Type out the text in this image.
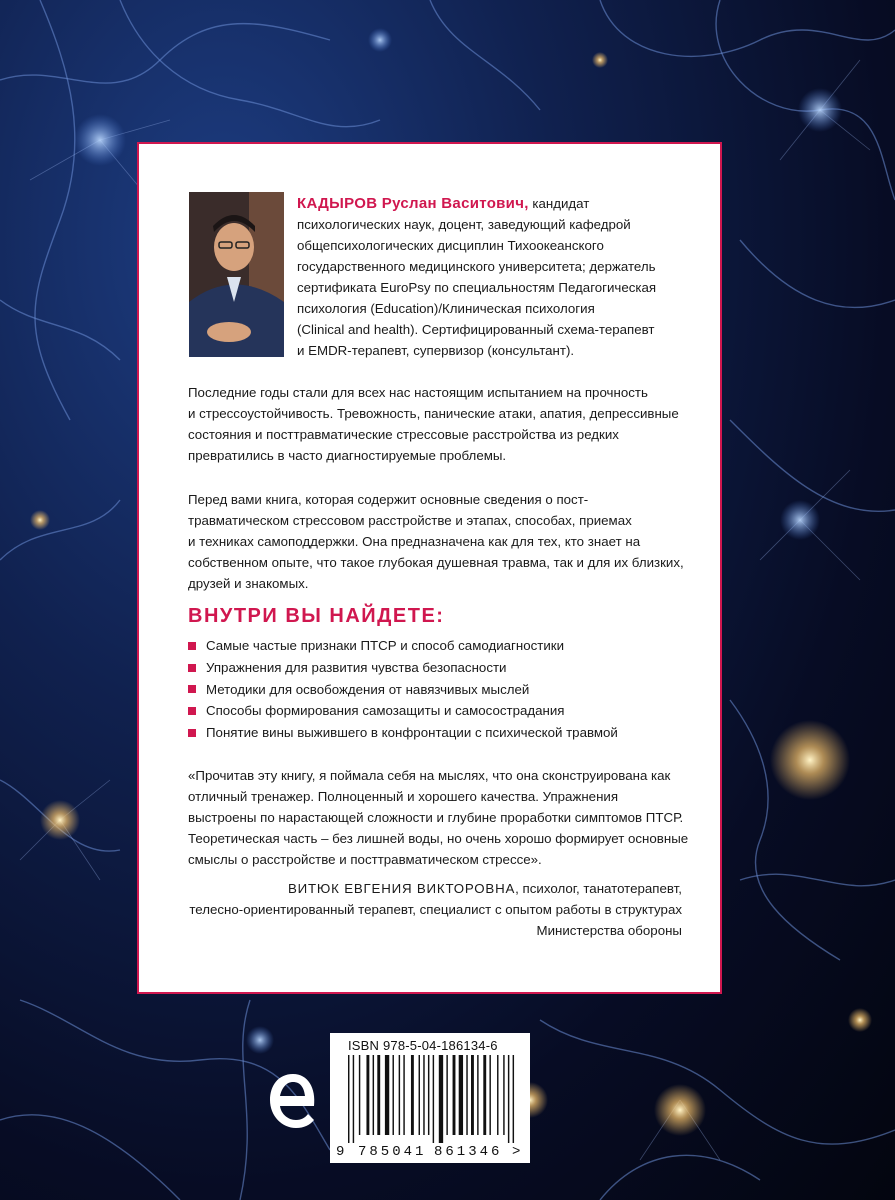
КАДЫРОВ Руслан Васитович, кандидат
психологических наук, доцент, заведующий кафедрой
общепсихологических дисциплин Тихоокеанского
государственного медицинского университета; держатель
сертификата EuroPsy по специальностям Педагогическая
психология (Education)/Клиническая психология
(Clinical and health). Сертифицированный схема-терапевт
и EMDR-терапевт, супервизор (консультант).

Последние годы стали для всех нас настоящим испытанием на прочность
и стрессоустойчивость. Тревожность, панические атаки, апатия, депрессивные
состояния и посттравматические стрессовые расстройства из редких
превратились в часто диагностируемые проблемы.

Перед вами книга, которая содержит основные сведения о пост-
травматическом стрессовом расстройстве и этапах, способах, приемах
и техниках самоподдержки. Она предназначена как для тех, кто знает на
собственном опыте, что такое глубокая душевная травма, так и для их близких,
друзей и знакомых.

ВНУТРИ ВЫ НАЙДЕТЕ:
Самые частые признаки ПТСР и способ самодиагностики
Упражнения для развития чувства безопасности
Методики для освобождения от навязчивых мыслей
Способы формирования самозащиты и самосострадания
Понятие вины выжившего в конфронтации с психической травмой
«Прочитав эту книгу, я поймала себя на мыслях, что она сконструирована как
отличный тренажер. Полноценный и хорошего качества. Упражнения
выстроены по нарастающей сложности и глубине проработки симптомов ПТСР.
Теоретическая часть – без лишней воды, но очень хорошо формирует основные
смыслы о расстройстве и посттравматическом стрессе».
ВИТЮК ЕВГЕНИЯ ВИКТОРОВНА, психолог, танатотерапевт,
телесно-ориентированный терапевт, специалист с опытом работы в структурах
Министерства обороны
ISBN 978-5-04-186134-6
9 785041 861346 >
